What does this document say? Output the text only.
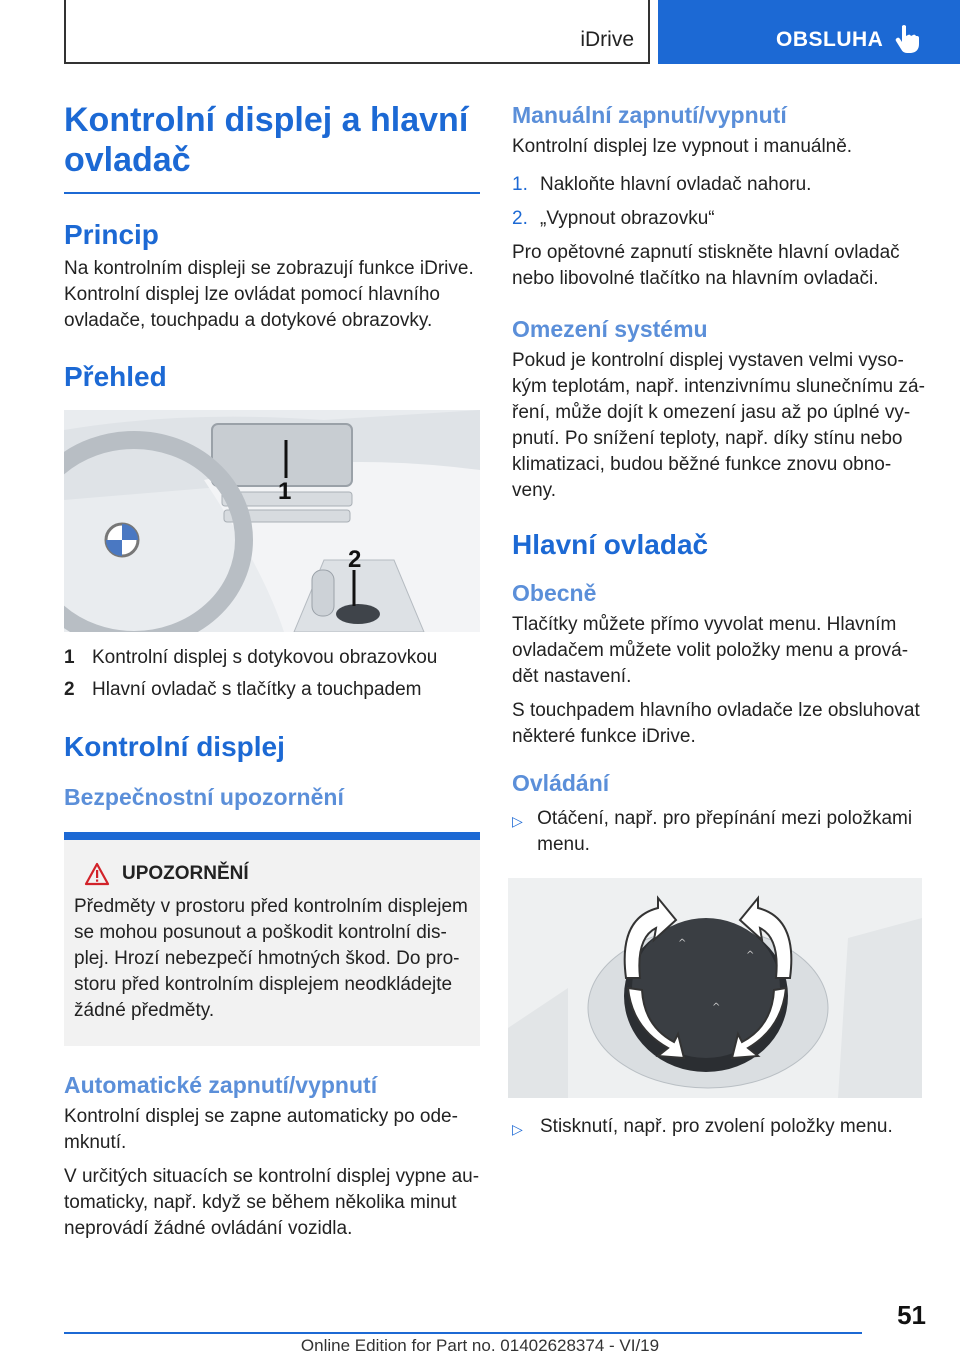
iDrive	OBSLUHA
Kontrolní displej a hlavní ovladač
Princip
Na kontrolním displeji se zobrazují funkce iDrive. Kontrolní displej lze ovládat pomocí hlavního ovladače, touchpadu a dotykové obrazovky.
Přehled
1
2
1 Kontrolní displej s dotykovou obrazovkou
2 Hlavní ovladač s tlačítky a touchpadem
Kontrolní displej
Bezpečnostní upozornění
UPOZORNĚNÍ
Předměty v prostoru před kontrolním displejem se mohou posunout a poškodit kontrolní dis-plej. Hrozí nebezpečí hmotných škod. Do pro-storu před kontrolním displejem neodkládejte žádné předměty.
Automatické zapnutí/vypnutí
Kontrolní displej se zapne automaticky po ode-mknutí.
V určitých situacích se kontrolní displej vypne au-tomaticky, např. když se během několika minut neprovádí žádné ovládání vozidla.
Manuální zapnutí/vypnutí
Kontrolní displej lze vypnout i manuálně.
1. Nakloňte hlavní ovladač nahoru.
2. „Vypnout obrazovku“
Pro opětovné zapnutí stiskněte hlavní ovladač nebo libovolné tlačítko na hlavním ovladači.
Omezení systému
Pokud je kontrolní displej vystaven velmi vyso-kým teplotám, např. intenzivnímu slunečnímu zá-ření, může dojít k omezení jasu až po úplné vy-pnutí. Po snížení teploty, např. díky stínu nebo klimatizaci, budou běžné funkce znovu obno-veny.
Hlavní ovladač
Obecně
Tlačítky můžete přímo vyvolat menu. Hlavním ovladačem můžete volit položky menu a prová-dět nastavení.
S touchpadem hlavního ovladače lze obsluhovat některé funkce iDrive.
Ovládání
▷ Otáčení, např. pro přepínání mezi položkami menu.
^
^
^
▷ Stisknutí, např. pro zvolení položky menu.
51
Online Edition for Part no. 01402628374 - VI/19
